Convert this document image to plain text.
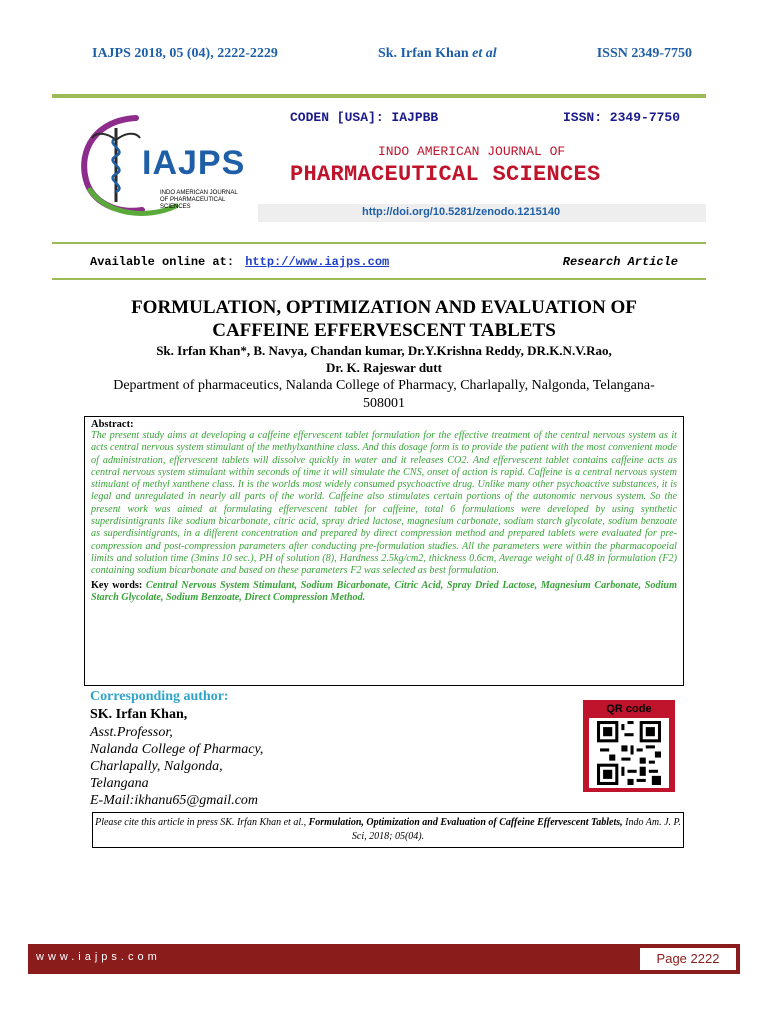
IAJPS 2018, 05 (04), 2222-2229	Sk. Irfan Khan et al	ISSN 2349-7750
IAJPS
INDO AMERICAN JOURNAL OF PHARMACEUTICAL SCIENCES
CODEN [USA]: IAJPBB	ISSN: 2349-7750
INDO AMERICAN JOURNAL OF
PHARMACEUTICAL SCIENCES
http://doi.org/10.5281/zenodo.1215140
Available online at: http://www.iajps.com	Research Article
FORMULATION, OPTIMIZATION AND EVALUATION OF
CAFFEINE EFFERVESCENT TABLETS
Sk. Irfan Khan*, B. Navya, Chandan kumar, Dr.Y.Krishna Reddy, DR.K.N.V.Rao,
Dr. K. Rajeswar dutt
Department of pharmaceutics, Nalanda College of Pharmacy, Charlapally, Nalgonda, Telangana-
508001
Abstract:
The present study aims at developing a caffeine effervescent tablet formulation for the effective treatment of the central nervous system as it acts central nervous system stimulant of the methylxanthine class. And this dosage form is to provide the patient with the most convenient mode of administration, effervescent tablets will dissolve quickly in water and it releases CO2. And effervescent tablet contains caffeine acts as central nervous system stimulant within seconds of time it will simulate the CNS, onset of action is rapid. Caffeine is a central nervous system stimulant of methyl xanthene class. It is the worlds most widely consumed psychoactive drug. Unlike many other psychoactive substances, it is legal and unregulated in nearly all parts of the world. Caffeine also stimulates certain portions of the autonomic nervous system. So the present work was aimed at formulating effervescent tablet for caffeine, total 6 formulations were developed by using synthetic superdisintigrants like sodium bicarbonate, citric acid, spray dried lactose, magnesium carbonate, sodium starch glycolate, sodium benzoate as superdisintigrants, in a different concentration and prepared by direct compression method and prepared tablets were evaluated for pre-compression and post-compression parameters after conducting pre-formulation studies. All the parameters were within the pharmacopoeial limits and solution time (3mins 10 sec.), PH of solution (8), Hardness 2.5kg/cm2, thickness 0.6cm, Average weight of 0.48 in formulation (F2) containing sodium bicarbonate and based on these parameters F2 was selected as best formulation.
Key words: Central Nervous System Stimulant, Sodium Bicarbonate, Citric Acid, Spray Dried Lactose, Magnesium Carbonate, Sodium Starch Glycolate, Sodium Benzoate, Direct Compression Method.
Corresponding author:
SK. Irfan Khan,
Asst.Professor,
Nalanda College of Pharmacy,
Charlapally, Nalgonda,
Telangana
E-Mail:ikhanu65@gmail.com
QR code
Please cite this article in press SK. Irfan Khan et al., Formulation, Optimization and Evaluation of Caffeine Effervescent Tablets, Indo Am. J. P. Sci, 2018; 05(04).
www.iajps.com	Page 2222
